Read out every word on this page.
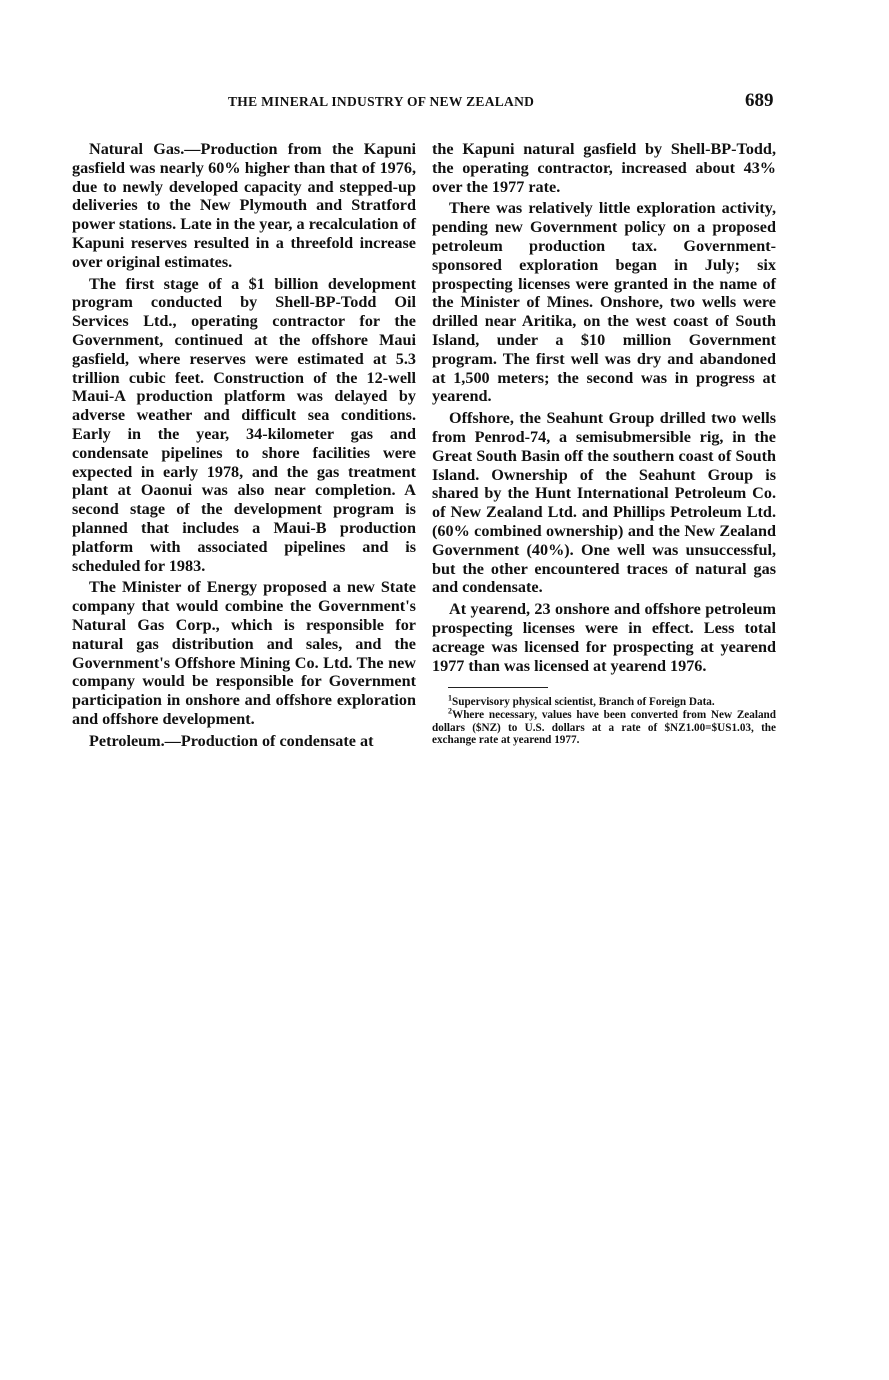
THE MINERAL INDUSTRY OF NEW ZEALAND	689

Natural Gas.—Production from the Kapuni gasfield was nearly 60% higher than that of 1976, due to newly developed capacity and stepped-up deliveries to the New Plymouth and Stratford power stations. Late in the year, a recalculation of Kapuni reserves resulted in a threefold increase over original estimates.

The first stage of a $1 billion development program conducted by Shell-BP-Todd Oil Services Ltd., operating contractor for the Government, continued at the offshore Maui gasfield, where reserves were estimated at 5.3 trillion cubic feet. Construction of the 12-well Maui-A production platform was delayed by adverse weather and difficult sea conditions. Early in the year, 34-kilometer gas and condensate pipelines to shore facilities were expected in early 1978, and the gas treatment plant at Oaonui was also near completion. A second stage of the development program is planned that includes a Maui-B production platform with associated pipelines and is scheduled for 1983.

The Minister of Energy proposed a new State company that would combine the Government's Natural Gas Corp., which is responsible for natural gas distribution and sales, and the Government's Offshore Mining Co. Ltd. The new company would be responsible for Government participation in onshore and offshore exploration and offshore development.

Petroleum.—Production of condensate at

the Kapuni natural gasfield by Shell-BP-Todd, the operating contractor, increased about 43% over the 1977 rate.

There was relatively little exploration activity, pending new Government policy on a proposed petroleum production tax. Government-sponsored exploration began in July; six prospecting licenses were granted in the name of the Minister of Mines. Onshore, two wells were drilled near Aritika, on the west coast of South Island, under a $10 million Government program. The first well was dry and abandoned at 1,500 meters; the second was in progress at yearend.

Offshore, the Seahunt Group drilled two wells from Penrod-74, a semisubmersible rig, in the Great South Basin off the southern coast of South Island. Ownership of the Seahunt Group is shared by the Hunt International Petroleum Co. of New Zealand Ltd. and Phillips Petroleum Ltd. (60% combined ownership) and the New Zealand Government (40%). One well was unsuccessful, but the other encountered traces of natural gas and condensate.

At yearend, 23 onshore and offshore petroleum prospecting licenses were in effect. Less total acreage was licensed for prospecting at yearend 1977 than was licensed at yearend 1976.

$^1$Supervisory physical scientist, Branch of Foreign Data.

$^2$Where necessary, values have been converted from New Zealand dollars ($NZ) to U.S. dollars at a rate of $NZ1.00=$US1.03, the exchange rate at yearend 1977.
